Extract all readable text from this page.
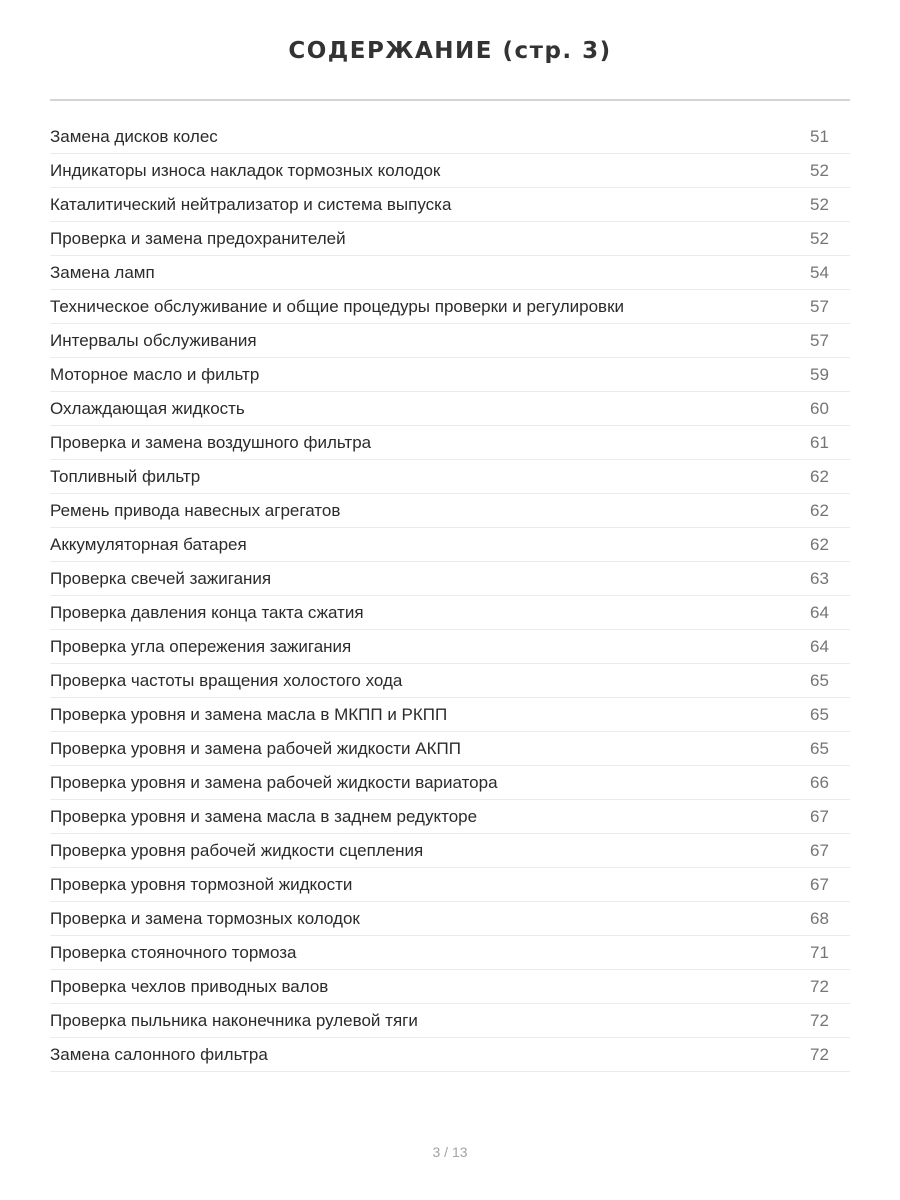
СОДЕРЖАНИЕ (стр. 3)
Замена дисков колес	51
Индикаторы износа накладок тормозных колодок	52
Каталитический нейтрализатор и система выпуска	52
Проверка и замена предохранителей	52
Замена ламп	54
Техническое обслуживание и общие процедуры проверки и регулировки	57
Интервалы обслуживания	57
Моторное масло и фильтр	59
Охлаждающая жидкость	60
Проверка и замена воздушного фильтра	61
Топливный фильтр	62
Ремень привода навесных агрегатов	62
Аккумуляторная батарея	62
Проверка свечей зажигания	63
Проверка давления конца такта сжатия	64
Проверка угла опережения зажигания	64
Проверка частоты вращения холостого хода	65
Проверка уровня и замена масла в МКПП и РКПП	65
Проверка уровня и замена рабочей жидкости АКПП	65
Проверка уровня и замена рабочей жидкости вариатора	66
Проверка уровня и замена масла в заднем редукторе	67
Проверка уровня рабочей жидкости сцепления	67
Проверка уровня тормозной жидкости	67
Проверка и замена тормозных колодок	68
Проверка стояночного тормоза	71
Проверка чехлов приводных валов	72
Проверка пыльника наконечника рулевой тяги	72
Замена салонного фильтра	72
3 / 13
